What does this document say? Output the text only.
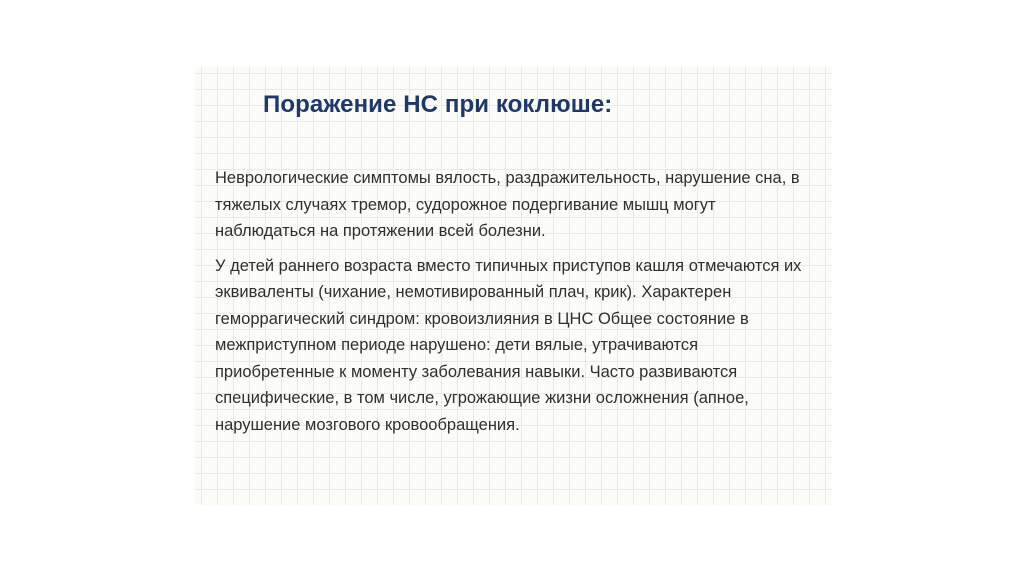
Поражение НС при коклюше:

Неврологические симптомы вялость, раздражительность, нарушение сна, в тяжелых случаях тремор, судорожное подергивание мышц могут наблюдаться на протяжении всей болезни.

У детей раннего возраста вместо типичных приступов кашля отмечаются их эквиваленты (чихание, немотивированный плач, крик). Характерен геморрагический синдром: кровоизлияния в ЦНС Общее состояние в межприступном периоде нарушено: дети вялые, утрачиваются приобретенные к моменту заболевания навыки. Часто развиваются специфические, в том числе, угрожающие жизни осложнения (апное, нарушение мозгового кровообращения.
